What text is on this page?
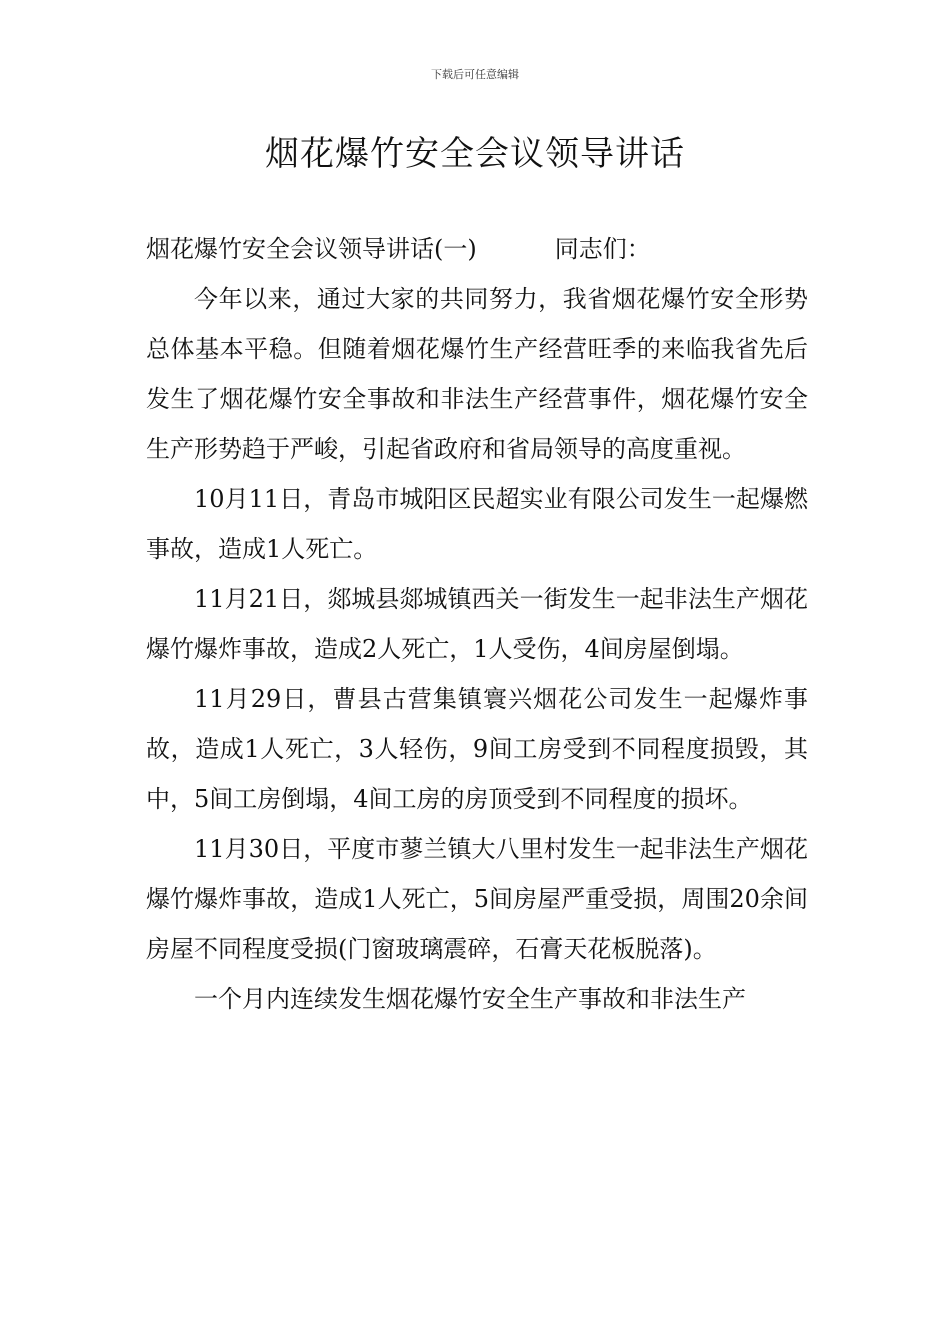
下载后可任意编辑
烟花爆竹安全会议领导讲话

烟花爆竹安全会议领导讲话(一)	同志们：

今年以来，通过大家的共同努力，我省烟花爆竹安全形势总体基本平稳。但随着烟花爆竹生产经营旺季的来临我省先后发生了烟花爆竹安全事故和非法生产经营事件，烟花爆竹安全生产形势趋于严峻，引起省政府和省局领导的高度重视。

10月11日，青岛市城阳区民超实业有限公司发生一起爆燃事故，造成1人死亡。

11月21日，郯城县郯城镇西关一街发生一起非法生产烟花爆竹爆炸事故，造成2人死亡，1人受伤，4间房屋倒塌。

11月29日，曹县古营集镇寰兴烟花公司发生一起爆炸事故，造成1人死亡，3人轻伤，9间工房受到不同程度损毁，其中，5间工房倒塌，4间工房的房顶受到不同程度的损坏。

11月30日，平度市蓼兰镇大八里村发生一起非法生产烟花爆竹爆炸事故，造成1人死亡，5间房屋严重受损，周围20余间房屋不同程度受损(门窗玻璃震碎，石膏天花板脱落)。

一个月内连续发生烟花爆竹安全生产事故和非法生产
